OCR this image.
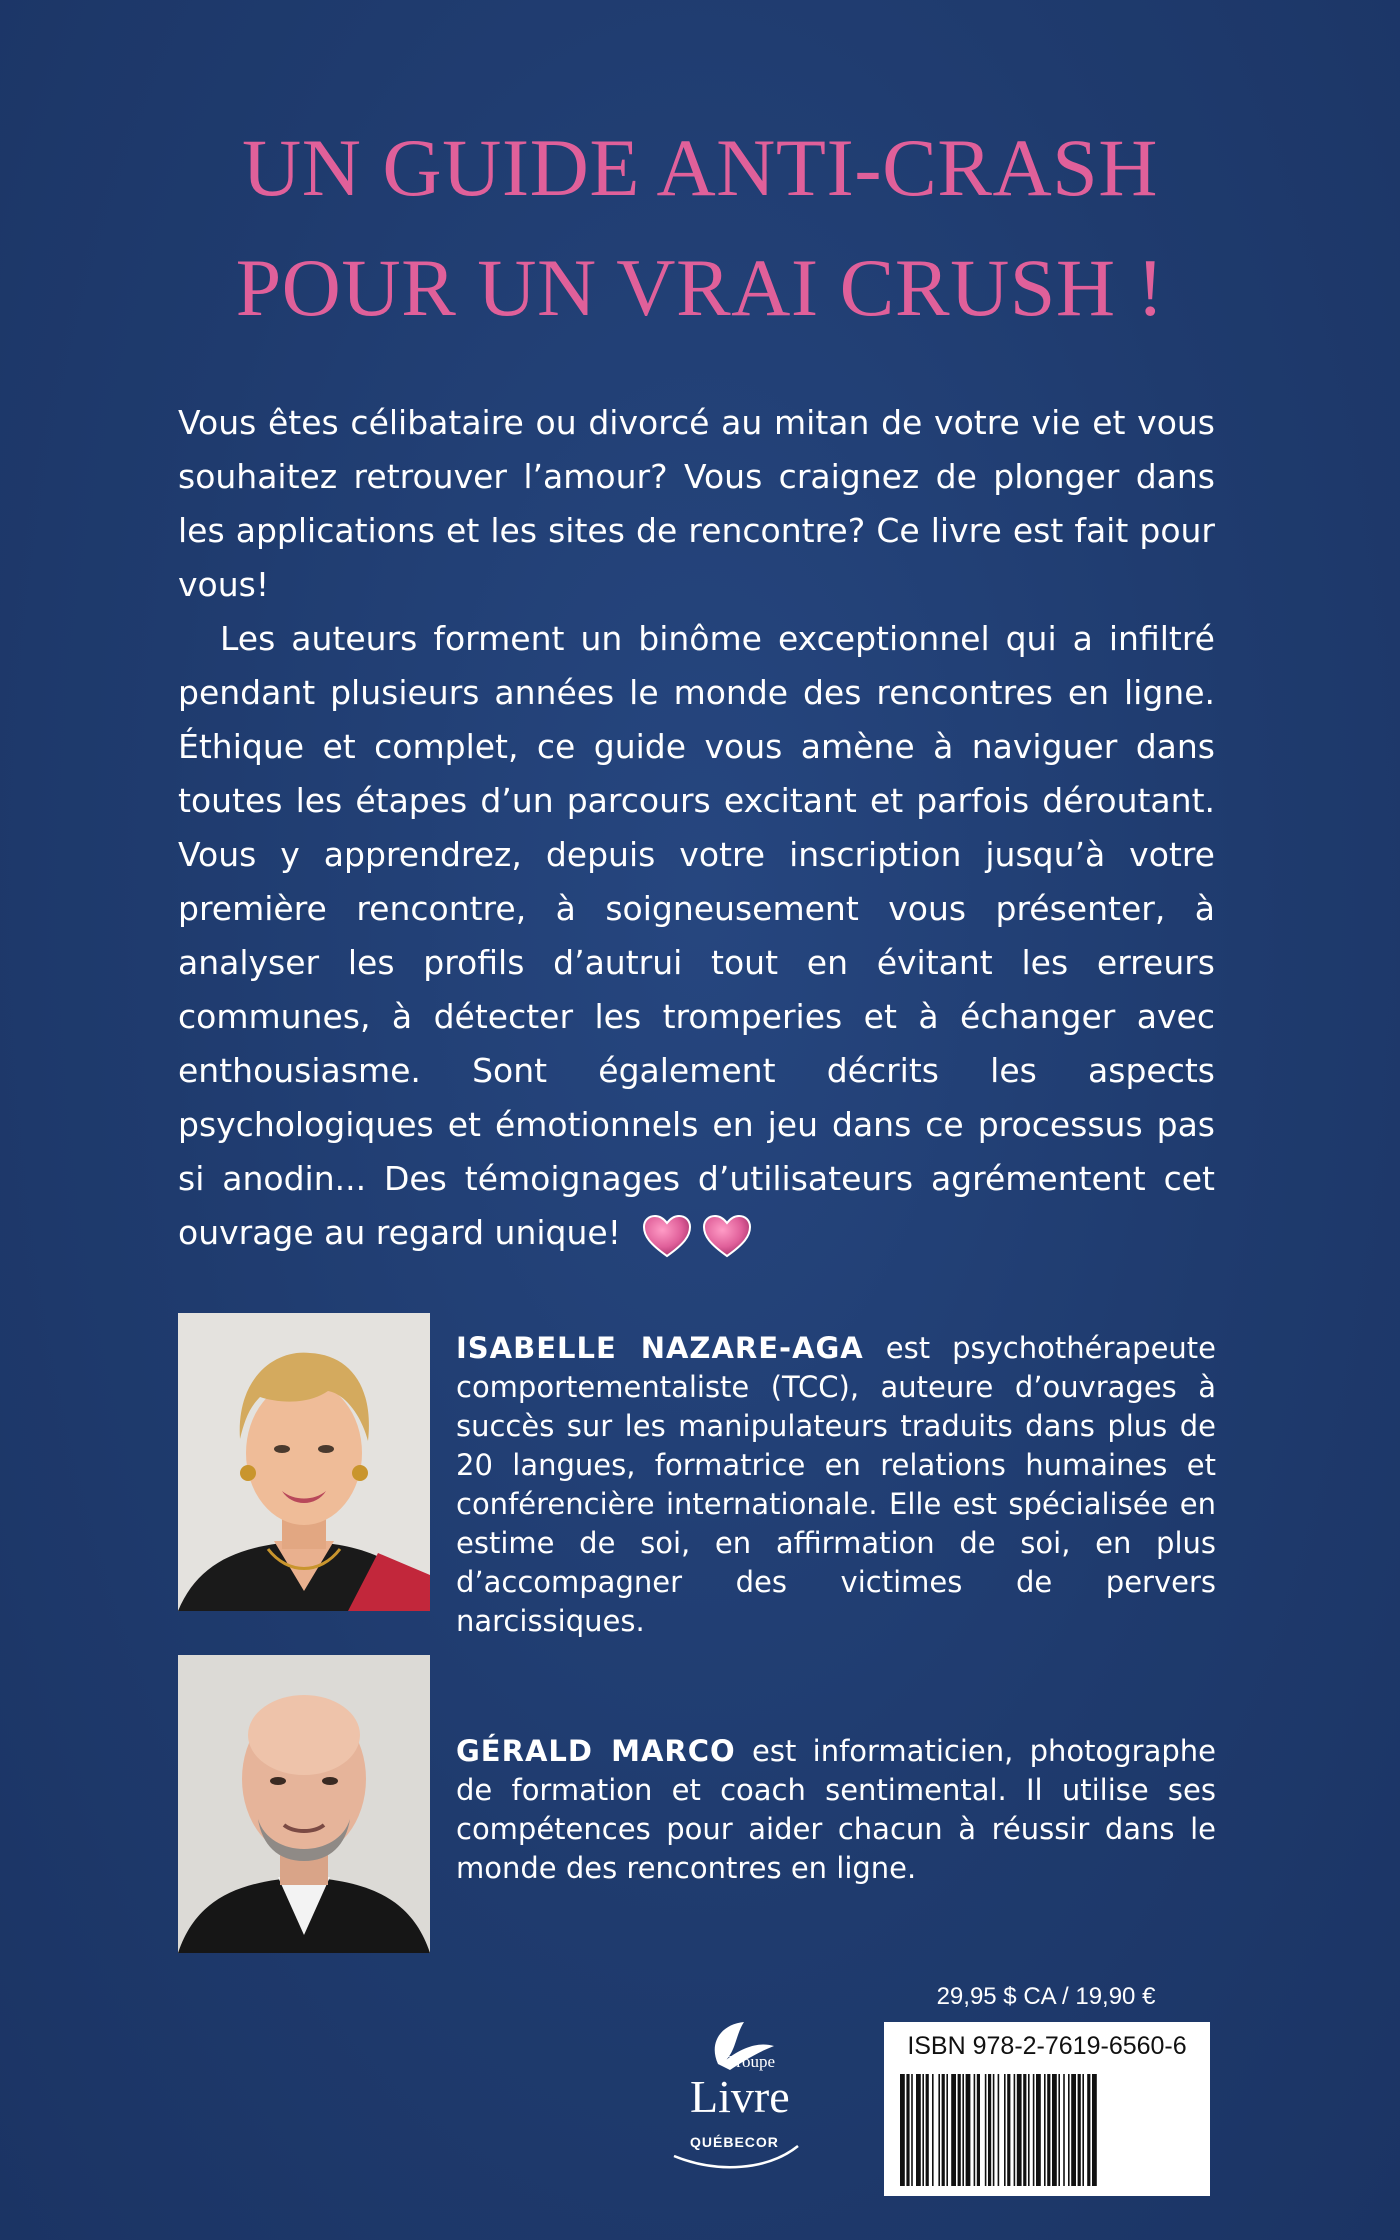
UN GUIDE ANTI-CRASH
POUR UN VRAI CRUSH !

Vous êtes célibataire ou divorcé au mitan de votre vie et vous souhaitez retrouver l’amour? Vous craignez de plonger dans les applications et les sites de rencontre? Ce livre est fait pour vous!

Les auteurs forment un binôme exceptionnel qui a infiltré pendant plusieurs années le monde des rencontres en ligne. Éthique et complet, ce guide vous amène à naviguer dans toutes les étapes d’un parcours excitant et parfois déroutant. Vous y apprendrez, depuis votre inscription jusqu’à votre première rencontre, à soigneusement vous présenter, à analyser les profils d’autrui tout en évitant les erreurs communes, à détecter les tromperies et à échanger avec enthousiasme. Sont également décrits les aspects psychologiques et émotionnels en jeu dans ce processus pas si anodin... Des témoignages d’utilisateurs agrémentent cet ouvrage au regard unique!

ISABELLE NAZARE-AGA est psychothérapeute comportementaliste (TCC), auteure d’ouvrages à succès sur les manipulateurs traduits dans plus de 20 langues, formatrice en relations humaines et conférencière internationale. Elle est spécialisée en estime de soi, en affirmation de soi, en plus d’accompagner des victimes de pervers narcissiques.

GÉRALD MARCO est informaticien, photographe de formation et coach sentimental. Il utilise ses compétences pour aider chacun à réussir dans le monde des rencontres en ligne.

Groupe
Livre
QUÉBECOR
29,95 $ CA / 19,90 €
ISBN 978-2-7619-6560-6
